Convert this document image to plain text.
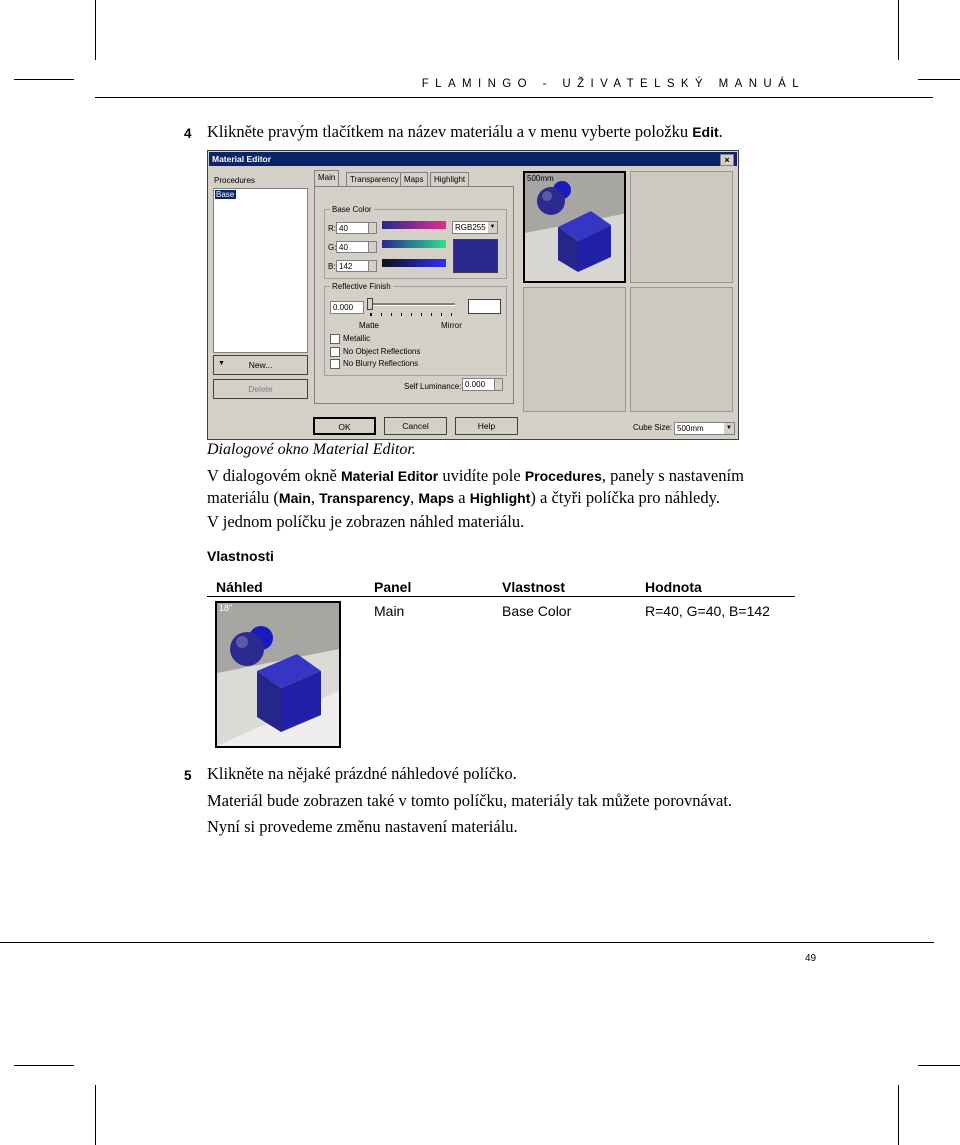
FLAMINGO - UŽIVATELSKÝ MANUÁL
4 Klikněte pravým tlačítkem na název materiálu a v menu vyberte položku Edit.
Material Editor	×
Procedures
Base
▼	New...
Delete
Main	Transparency Maps	Highlight
Base Color
R: 40
G: 40
B: 142
RGB255 ▼
Reflective Finish
0.000
Matte	Mirror
Metallic
No Object Reflections
No Blurry Reflections
Self Luminance: 0.000
OK	Cancel	Help	Cube Size: 500mm	▼
500mm
Dialogové okno Material Editor.
V dialogovém okně Material Editor uvidíte pole Procedures, panely s nastavením materiálu (Main, Transparency, Maps a Highlight) a čtyři políčka pro náhledy.
V jednom políčku je zobrazen náhled materiálu.
Vlastnosti
Náhled	Panel	Vlastnost	Hodnota
18"	Main	Base Color	R=40, G=40, B=142
5 Klikněte na nějaké prázdné náhledové políčko.
Materiál bude zobrazen také v tomto políčku, materiály tak můžete porovnávat.
Nyní si provedeme změnu nastavení materiálu.
49
